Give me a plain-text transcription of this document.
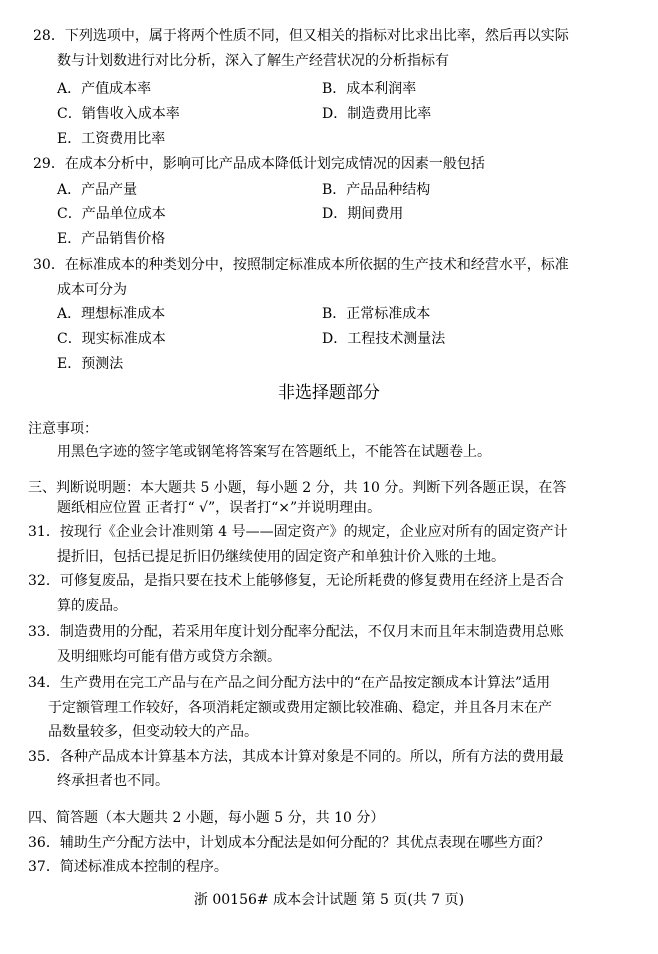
28．下列选项中，属于将两个性质不同，但又相关的指标对比求出比率，然后再以实际
数与计划数进行对比分析，深入了解生产经营状况的分析指标有
A．产值成本率	B．成本利润率
C．销售收入成本率	D．制造费用比率
E．工资费用比率
29．在成本分析中，影响可比产品成本降低计划完成情况的因素一般包括
A．产品产量	B．产品品种结构
C．产品单位成本	D．期间费用
E．产品销售价格
30．在标准成本的种类划分中，按照制定标准成本所依据的生产技术和经营水平，标准
成本可分为
A．理想标准成本	B．正常标准成本
C．现实标准成本	D．工程技术测量法
E．预测法
非选择题部分
注意事项：
用黑色字迹的签字笔或钢笔将答案写在答题纸上，不能答在试题卷上。
三、判断说明题：本大题共 5 小题，每小题 2 分，共 10 分。判断下列各题正误，在答
题纸相应位置 正者打“ √”，误者打“×”并说明理由。
31．按现行《企业会计准则第 4 号——固定资产》的规定，企业应对所有的固定资产计
提折旧，包括已提足折旧仍继续使用的固定资产和单独计价入账的土地。
32．可修复废品，是指只要在技术上能够修复，无论所耗费的修复费用在经济上是否合
算的废品。
33．制造费用的分配，若采用年度计划分配率分配法，不仅月末而且年末制造费用总账
及明细账均可能有借方或贷方余额。
34．生产费用在完工产品与在产品之间分配方法中的“在产品按定额成本计算法”适用
于定额管理工作较好，各项消耗定额或费用定额比较准确、稳定，并且各月末在产
品数量较多，但变动较大的产品。
35．各种产品成本计算基本方法，其成本计算对象是不同的。所以，所有方法的费用最
终承担者也不同。
四、简答题（本大题共 2 小题，每小题 5 分，共 10 分）
36．辅助生产分配方法中，计划成本分配法是如何分配的？其优点表现在哪些方面？
37．简述标准成本控制的程序。
浙 00156# 成本会计试题 第 5 页(共 7 页)
